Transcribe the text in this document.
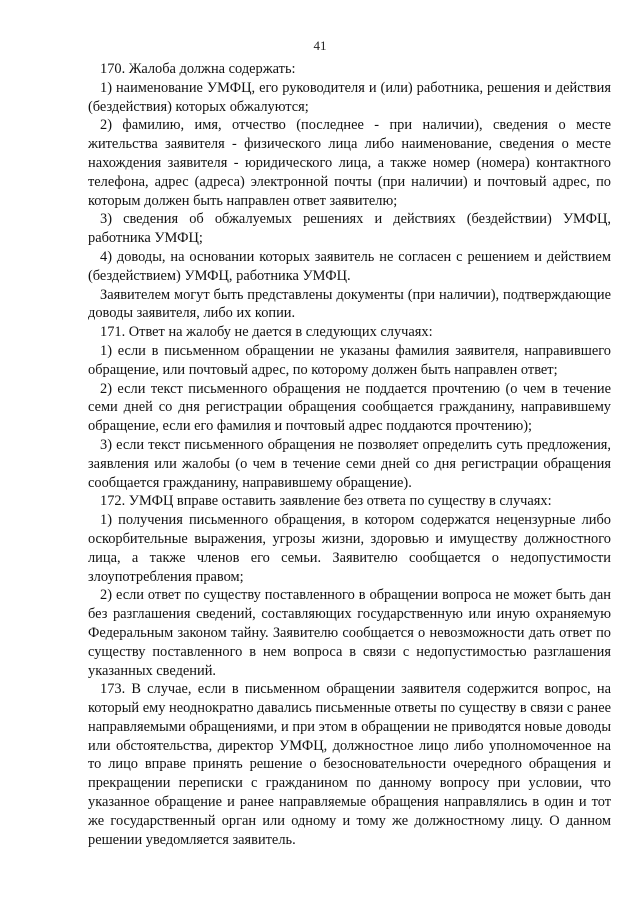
41

170. Жалоба должна содержать:

1) наименование УМФЦ, его руководителя и (или) работника, решения и действия (бездействия) которых обжалуются;

2) фамилию, имя, отчество (последнее - при наличии), сведения о месте жительства заявителя - физического лица либо наименование, сведения о месте нахождения заявителя - юридического лица, а также номер (номера) контактного телефона, адрес (адреса) электронной почты (при наличии) и почтовый адрес, по которым должен быть направлен ответ заявителю;

3) сведения об обжалуемых решениях и действиях (бездействии) УМФЦ, работника УМФЦ;

4) доводы, на основании которых заявитель не согласен с решением и действием (бездействием) УМФЦ, работника УМФЦ.

Заявителем могут быть представлены документы (при наличии), подтверждающие доводы заявителя, либо их копии.

171. Ответ на жалобу не дается в следующих случаях:

1) если в письменном обращении не указаны фамилия заявителя, направившего обращение, или почтовый адрес, по которому должен быть направлен ответ;

2) если текст письменного обращения не поддается прочтению (о чем в течение семи дней со дня регистрации обращения сообщается гражданину, направившему обращение, если его фамилия и почтовый адрес поддаются прочтению);

3) если текст письменного обращения не позволяет определить суть предложения, заявления или жалобы (о чем в течение семи дней со дня регистрации обращения сообщается гражданину, направившему обращение).

172. УМФЦ вправе оставить заявление без ответа по существу в случаях:

1) получения письменного обращения, в котором содержатся нецензурные либо оскорбительные выражения, угрозы жизни, здоровью и имуществу должностного лица, а также членов его семьи. Заявителю сообщается о недопустимости злоупотребления правом;

2) если ответ по существу поставленного в обращении вопроса не может быть дан без разглашения сведений, составляющих государственную или иную охраняемую Федеральным законом тайну. Заявителю сообщается о невозможности дать ответ по существу поставленного в нем вопроса в связи с недопустимостью разглашения указанных сведений.

173. В случае, если в письменном обращении заявителя содержится вопрос, на который ему неоднократно давались письменные ответы по существу в связи с ранее направляемыми обращениями, и при этом в обращении не приводятся новые доводы или обстоятельства, директор УМФЦ, должностное лицо либо уполномоченное на то лицо вправе принять решение о безосновательности очередного обращения и прекращении переписки с гражданином по данному вопросу при условии, что указанное обращение и ранее направляемые обращения направлялись в один и тот же государственный орган или одному и тому же должностному лицу. О данном решении уведомляется заявитель.
